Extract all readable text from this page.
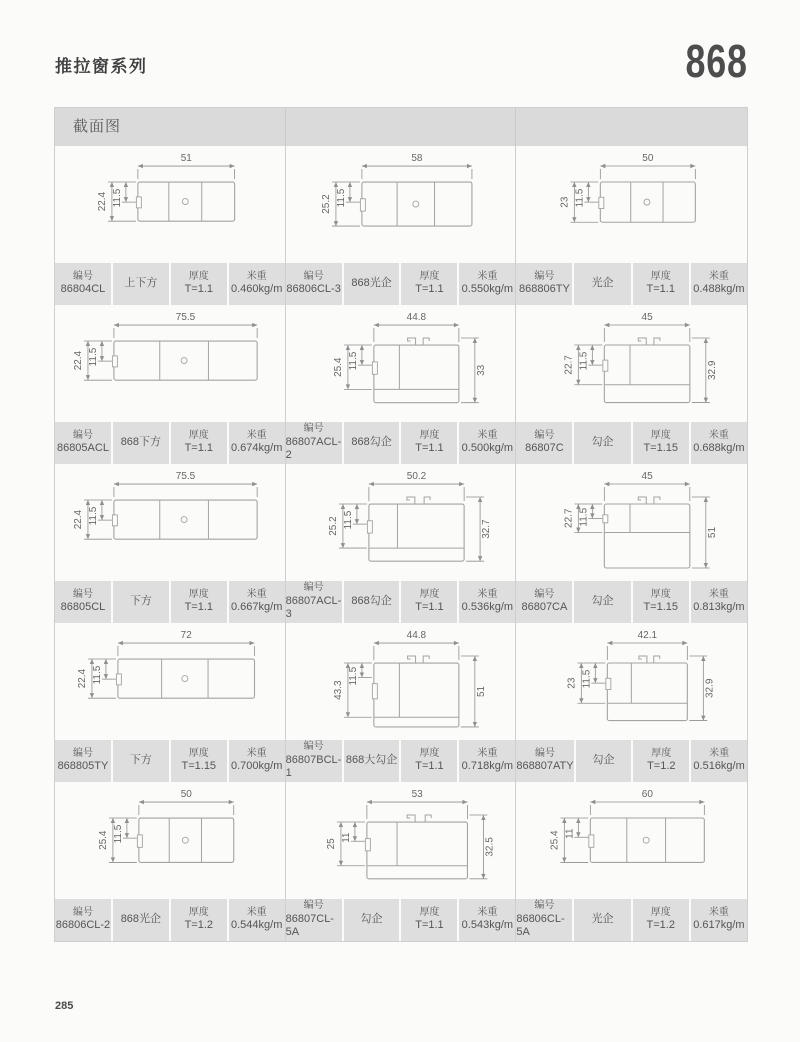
推拉窗系列	868
截面图
51
22.4 11.5
编号
86804CL
上下方
厚度
T=1.1
米重
0.460kg/m
58
25.2 11.5
编号
86806CL-3
868光企
厚度
T=1.1
米重
0.550kg/m
50
23 11.5
编号
868806TY
光企
厚度
T=1.1
米重
0.488kg/m
75.5
22.4 11.5
编号
86805ACL
868下方
厚度
T=1.1
米重
0.674kg/m
44.8
25.4 11.5	33
编号
86807ACL-2
868勾企
厚度
T=1.1
米重
0.500kg/m
45
22.7 11.5	32.9
编号
86807C
勾企
厚度
T=1.15
米重
0.688kg/m
75.5
22.4 11.5
编号
86805CL
下方
厚度
T=1.1
米重
0.667kg/m
50.2
25.2 11.5	32.7
编号
86807ACL-3
868勾企
厚度
T=1.1
米重
0.536kg/m
45
22.7 11.5
51
编号
86807CA
勾企
厚度
T=1.15
米重
0.813kg/m
72
22.4 11.5
编号
868805TY
下方
厚度
T=1.15
米重
0.700kg/m
44.8
43.3
11.5
51
编号
86807BCL-1
868大勾企
厚度
T=1.1
米重
0.718kg/m
42.1
23 11.5	32.9
编号
868807ATY
勾企
厚度
T=1.2
米重
0.516kg/m
50
25.4 11.5
编号
86806CL-2
868光企
厚度
T=1.2
米重
0.544kg/m
53
25
11	32.5
编号
86807CL-5A
勾企
厚度
T=1.1
米重
0.543kg/m
60
25.4 11
编号
86806CL-5A
光企
厚度
T=1.2
米重
0.617kg/m
285
